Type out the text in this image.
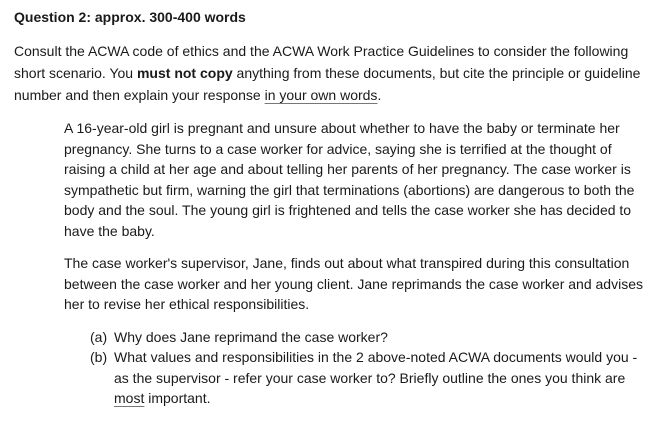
Question 2: approx. 300-400 words
Consult the ACWA code of ethics and the ACWA Work Practice Guidelines to consider the following short scenario. You must not copy anything from these documents, but cite the principle or guideline number and then explain your response in your own words.

A 16-year-old girl is pregnant and unsure about whether to have the baby or terminate her pregnancy. She turns to a case worker for advice, saying she is terrified at the thought of raising a child at her age and about telling her parents of her pregnancy. The case worker is sympathetic but firm, warning the girl that terminations (abortions) are dangerous to both the body and the soul. The young girl is frightened and tells the case worker she has decided to have the baby.

The case worker's supervisor, Jane, finds out about what transpired during this consultation between the case worker and her young client. Jane reprimands the case worker and advises her to revise her ethical responsibilities.

(a) Why does Jane reprimand the case worker?
(b) What values and responsibilities in the 2 above-noted ACWA documents would you - as the supervisor - refer your case worker to? Briefly outline the ones you think are most important.
